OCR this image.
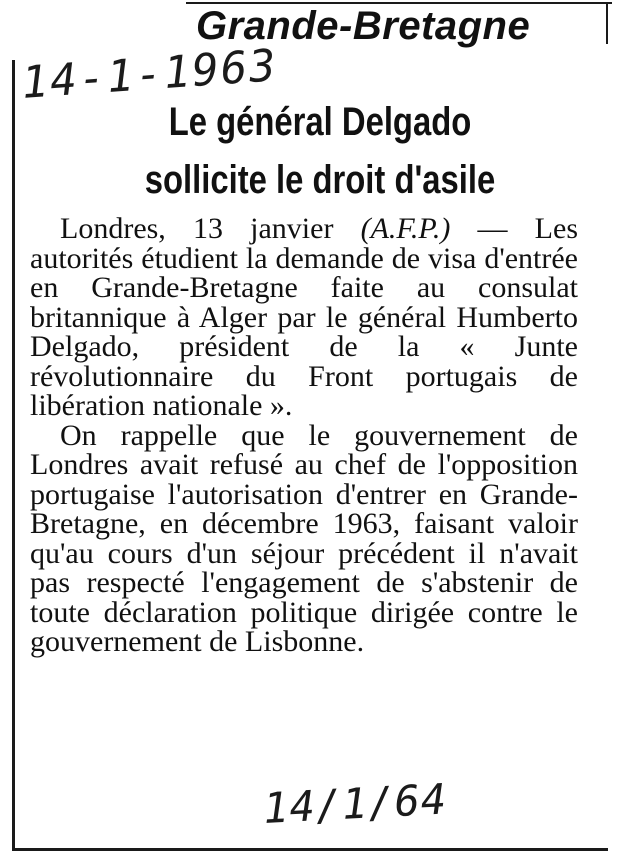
Grande-Bretagne
14-1-1963
Le général Delgado
sollicite le droit d'asile

Londres, 13 janvier (A.F.P.) — Les autorités étudient la demande de visa d'entrée en Grande-Bretagne faite au consulat britannique à Alger par le général Humberto Delgado, président de la « Junte révolutionnaire du Front portugais de libération nationale ».

On rappelle que le gouvernement de Londres avait refusé au chef de l'opposition portugaise l'autorisation d'entrer en Grande-Bretagne, en décembre 1963, faisant valoir qu'au cours d'un séjour précédent il n'avait pas respecté l'engagement de s'abstenir de toute déclaration politique dirigée contre le gouvernement de Lisbonne.

14/1/64
